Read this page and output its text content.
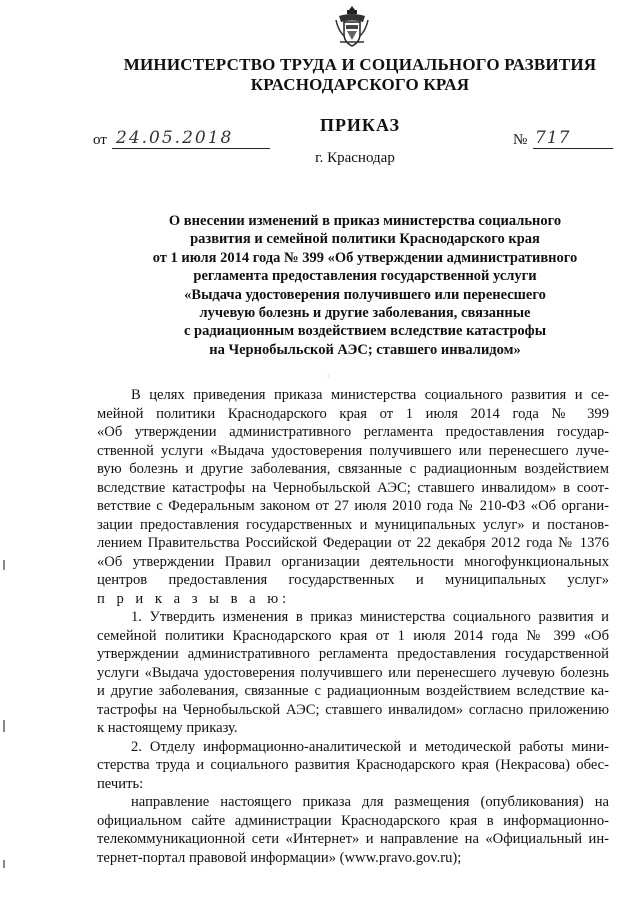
МИНИСТЕРСТВО ТРУДА И СОЦИАЛЬНОГО РАЗВИТИЯ
КРАСНОДАРСКОГО КРАЯ
ПРИКАЗ
от 24.05.2018	№ 717
г. Краснодар
О внесении изменений в приказ министерства социального
развития и семейной политики Краснодарского края
от 1 июля 2014 года № 399 «Об утверждении административного
регламента предоставления государственной услуги
«Выдача удостоверения получившего или перенесшего
лучевую болезнь и другие заболевания, связанные
с радиационным воздействием вследствие катастрофы
на Чернобыльской АЭС; ставшего инвалидом»
·
В целях приведения приказа министерства социального развития и се-
мейной политики Краснодарского края от 1 июля 2014 года № 399
«Об утверждении административного регламента предоставления государ-
ственной услуги «Выдача удостоверения получившего или перенесшего луче-
вую болезнь и другие заболевания, связанные с радиационным воздействием
вследствие катастрофы на Чернобыльской АЭС; ставшего инвалидом» в соот-
ветствие с Федеральным законом от 27 июля 2010 года № 210-ФЗ «Об органи-
зации предоставления государственных и муниципальных услуг» и постанов-
лением Правительства Российской Федерации от 22 декабря 2012 года № 1376
«Об утверждении Правил организации деятельности многофункциональных
центров предоставления государственных и муниципальных услуг»
п р и к а з ы в а ю:
1. Утвердить изменения в приказ министерства социального развития и
семейной политики Краснодарского края от 1 июля 2014 года № 399 «Об
утверждении административного регламента предоставления государственной
услуги «Выдача удостоверения получившего или перенесшего лучевую болезнь
и другие заболевания, связанные с радиационным воздействием вследствие ка-
тастрофы на Чернобыльской АЭС; ставшего инвалидом» согласно приложению
к настоящему приказу.
2. Отделу информационно-аналитической и методической работы мини-
стерства труда и социального развития Краснодарского края (Некрасова) обес-
печить:
направление настоящего приказа для размещения (опубликования) на
официальном сайте администрации Краснодарского края в информационно-
телекоммуникационной сети «Интернет» и направление на «Официальный ин-
тернет-портал правовой информации» (www.pravo.gov.ru);
